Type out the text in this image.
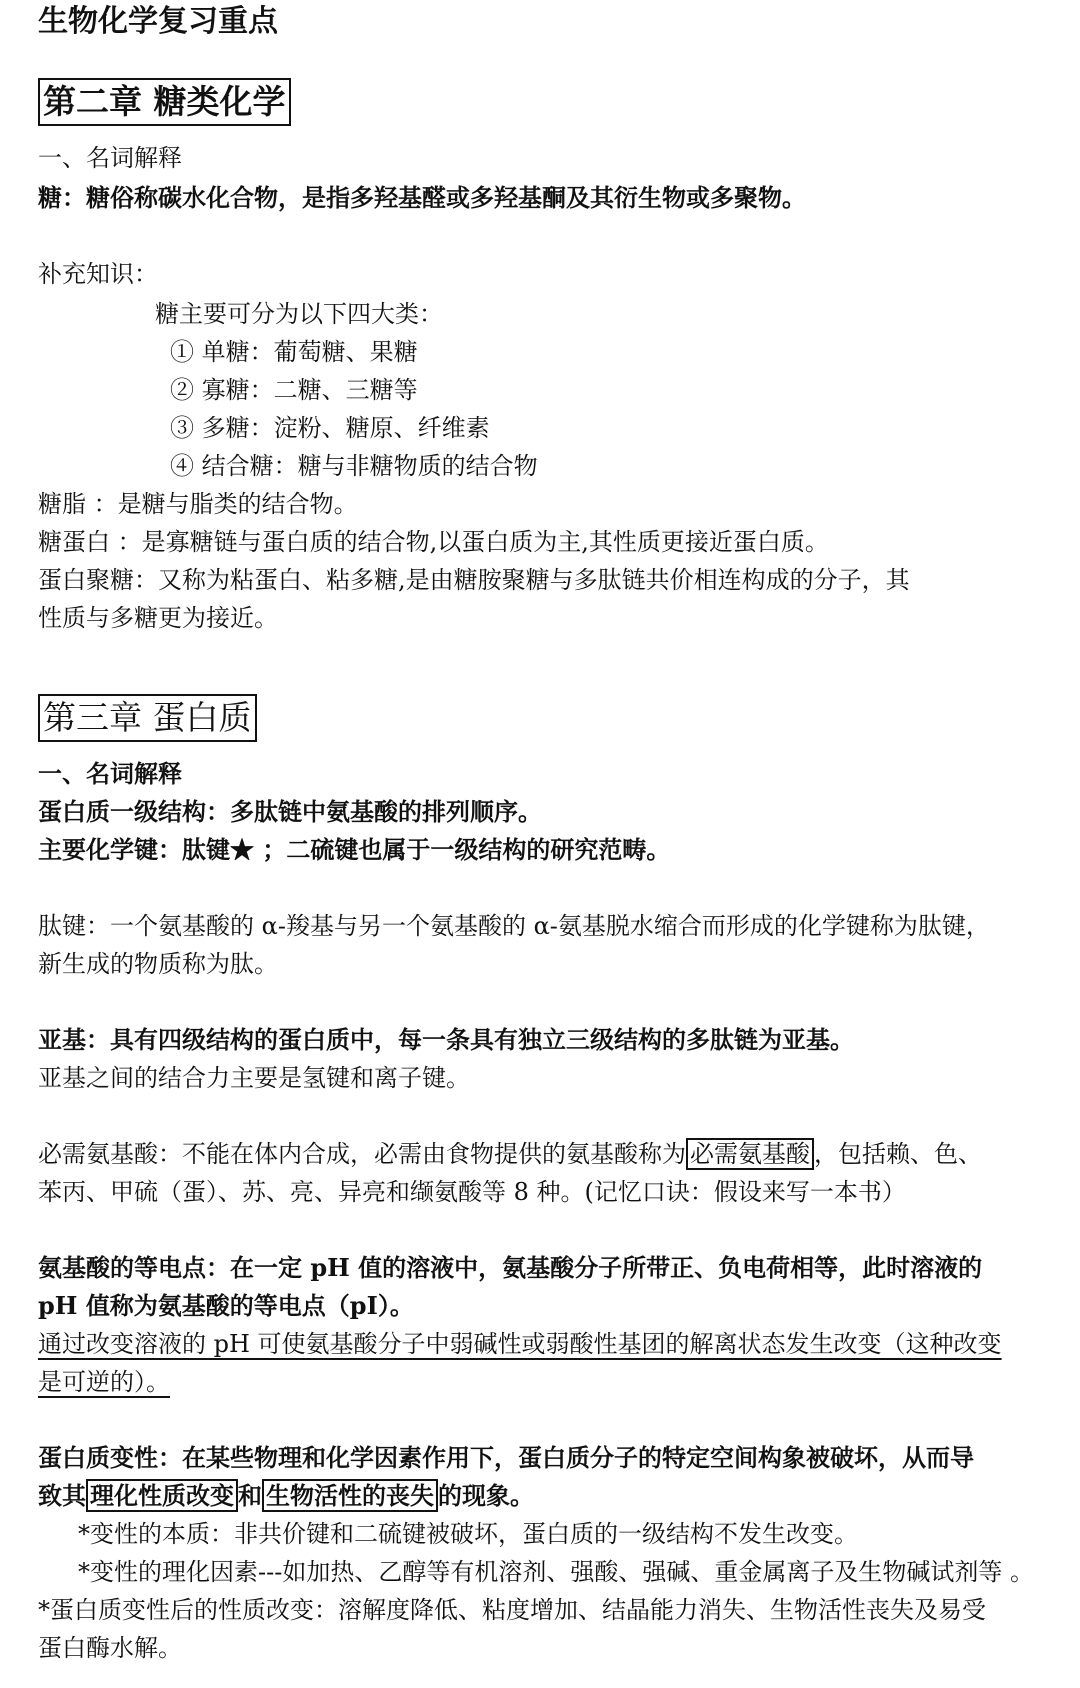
生物化学复习重点
第二章 糖类化学
一、名词解释
糖：糖俗称碳水化合物，是指多羟基醛或多羟基酮及其衍生物或多聚物。
补充知识：
糖主要可分为以下四大类：
① 单糖：葡萄糖、果糖
② 寡糖：二糖、三糖等
③ 多糖：淀粉、糖原、纤维素
④ 结合糖：糖与非糖物质的结合物
糖脂 ：是糖与脂类的结合物。
糖蛋白 ：是寡糖链与蛋白质的结合物,以蛋白质为主,其性质更接近蛋白质。
蛋白聚糖：又称为粘蛋白、粘多糖,是由糖胺聚糖与多肽链共价相连构成的分子，其
性质与多糖更为接近。
第三章 蛋白质
一、名词解释
蛋白质一级结构：多肽链中氨基酸的排列顺序。
主要化学键：肽键★ ；二硫键也属于一级结构的研究范畴。
肽键：一个氨基酸的 α-羧基与另一个氨基酸的 α-氨基脱水缩合而形成的化学键称为肽键，
新生成的物质称为肽。
亚基：具有四级结构的蛋白质中，每一条具有独立三级结构的多肽链为亚基。
亚基之间的结合力主要是氢键和离子键。
必需氨基酸：不能在体内合成，必需由食物提供的氨基酸称为 必需氨基酸 ，包括赖、色、
苯丙、甲硫（蛋）、苏、亮、异亮和缬氨酸等 8 种。(记忆口诀：假设来写一本书）
氨基酸的等电点：在一定 pH 值的溶液中，氨基酸分子所带正、负电荷相等，此时溶液的
pH 值称为氨基酸的等电点（pI）。
通过改变溶液的 pH 可使氨基酸分子中弱碱性或弱酸性基团的解离状态发生改变（这种改变
是可逆的）。
蛋白质变性：在某些物理和化学因素作用下，蛋白质分子的特定空间构象被破坏，从而导
致其 理化性质改变 和 生物活性的丧失 的现象。
*变性的本质：非共价键和二硫键被破坏，蛋白质的一级结构不发生改变。
*变性的理化因素---如加热、乙醇等有机溶剂、强酸、强碱、重金属离子及生物碱试剂等 。
*蛋白质变性后的性质改变：溶解度降低、粘度增加、结晶能力消失、生物活性丧失及易受
蛋白酶水解。
